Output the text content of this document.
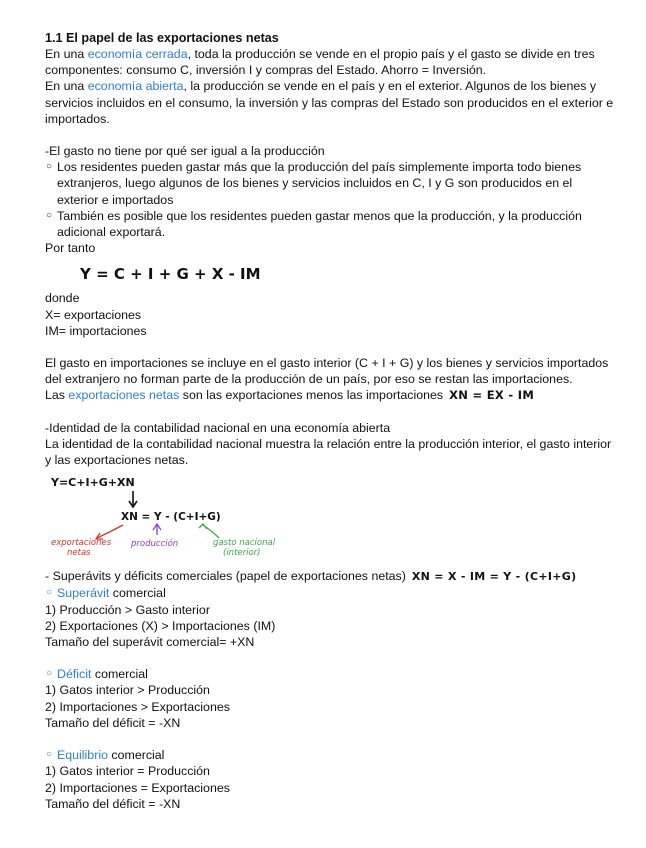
1.1 El papel de las exportaciones netas

En una economía cerrada, toda la producción se vende en el propio país y el gasto se divide en tres componentes: consumo C, inversión I y compras del Estado. Ahorro = Inversión.

En una economía abierta, la producción se vende en el país y en el exterior. Algunos de los bienes y servicios incluidos en el consumo, la inversión y las compras del Estado son producidos en el exterior e importados.

-El gasto no tiene por qué ser igual a la producción

○ Los residentes pueden gastar más que la producción del país simplemente importa todo bienes extranjeros, luego algunos de los bienes y servicios incluidos en C, I y G son producidos en el exterior e importados
○ También es posible que los residentes pueden gastar menos que la producción, y la producción adicional exportará.

Por tanto

Y = C + I + G + X - IM

donde

X= exportaciones

IM= importaciones

El gasto en importaciones se incluye en el gasto interior (C + I + G) y los bienes y servicios importados del extranjero no forman parte de la producción de un país, por eso se restan las importaciones.

Las exportaciones netas son las exportaciones menos las importaciones XN = EX - IM

-Identidad de la contabilidad nacional en una economía abierta

La identidad de la contabilidad nacional muestra la relación entre la producción interior, el gasto interior y las exportaciones netas.

Y=C+I+G+XN
XN = Y - (C+I+G)
exportaciones
netas
producción	gasto nacional
(interior)

- Superávits y déficits comerciales (papel de exportaciones netas) XN = X - IM = Y - (C+I+G)

○ Superávit comercial

1) Producción > Gasto interior

2) Exportaciones (X) > Importaciones (IM)

Tamaño del superávit comercial= +XN

○ Déficit comercial

1) Gatos interior > Producción

2) Importaciones > Exportaciones

Tamaño del déficit = -XN

○ Equilibrio comercial

1) Gatos interior = Producción

2) Importaciones = Exportaciones

Tamaño del déficit = -XN
